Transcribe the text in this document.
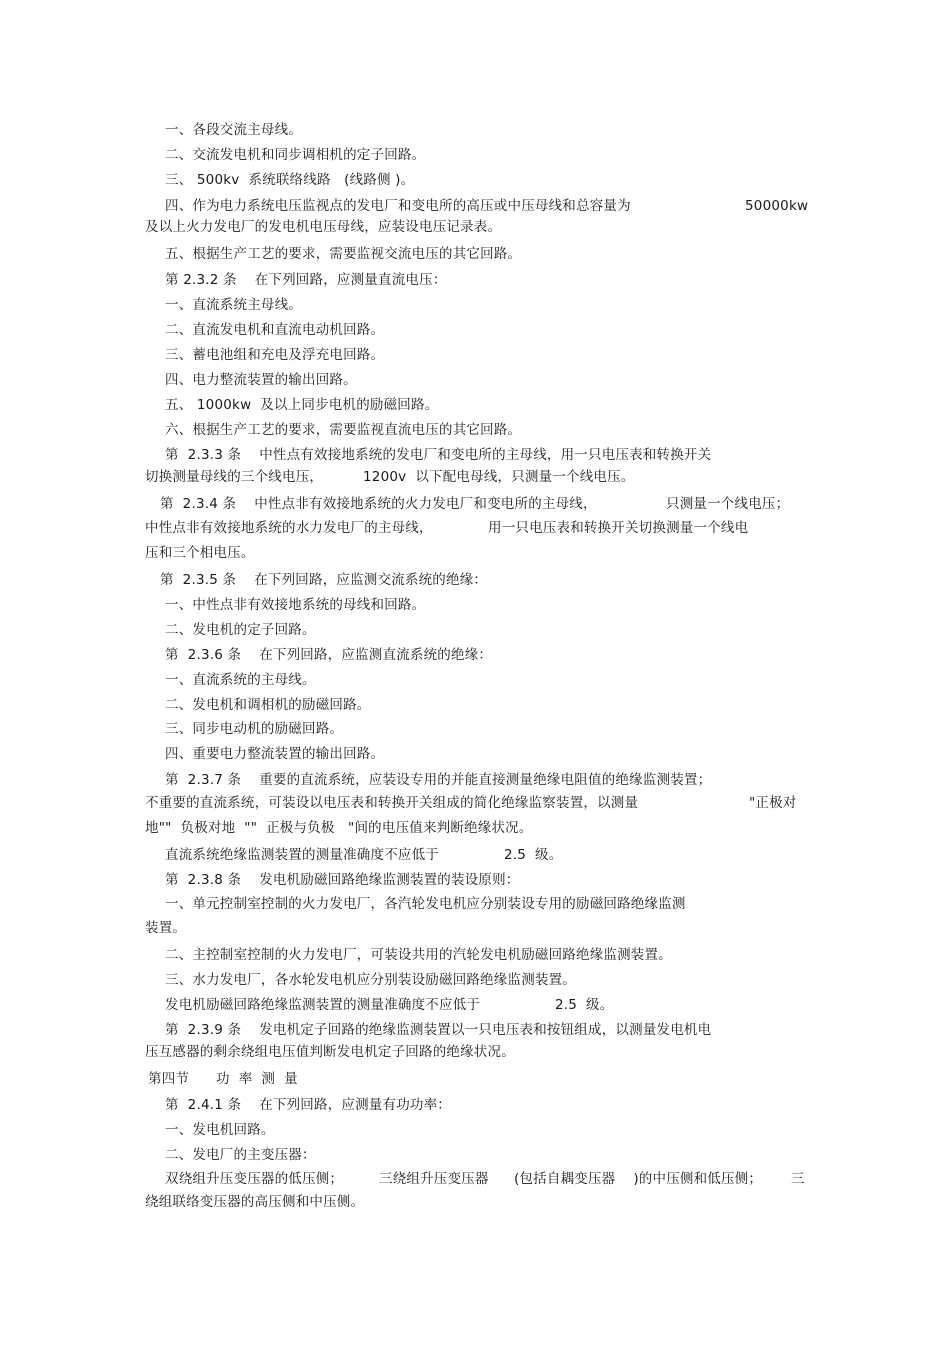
一、各段交流主母线。
二、交流发电机和同步调相机的定子回路。
三、 500kv  系统联络线路   (线路侧 )。
四、作为电力系统电压监视点的发电厂和变电所的高压或中压母线和总容量为	50000kw
及以上火力发电厂的发电机电压母线，应装设电压记录表。
五、根据生产工艺的要求，需要监视交流电压的其它回路。
第 2.3.2 条    在下列回路，应测量直流电压：
一、直流系统主母线。
二、直流发电机和直流电动机回路。
三、蓄电池组和充电及浮充电回路。
四、电力整流装置的输出回路。
五、 1000kw  及以上同步电机的励磁回路。
六、根据生产工艺的要求，需要监视直流电压的其它回路。
第  2.3.3 条    中性点有效接地系统的发电厂和变电所的主母线，用一只电压表和转换开关
切换测量母线的三个线电压，	1200v  以下配电母线，只测量一个线电压。
第  2.3.4 条    中性点非有效接地系统的火力发电厂和变电所的主母线，	只测量一个线电压；
中性点非有效接地系统的水力发电厂的主母线，	用一只电压表和转换开关切换测量一个线电
压和三个相电压。
第  2.3.5 条    在下列回路，应监测交流系统的绝缘：
一、中性点非有效接地系统的母线和回路。
二、发电机的定子回路。
第  2.3.6 条    在下列回路，应监测直流系统的绝缘：
一、直流系统的主母线。
二、发电机和调相机的励磁回路。
三、同步电动机的励磁回路。
四、重要电力整流装置的输出回路。
第  2.3.7 条    重要的直流系统，应装设专用的并能直接测量绝缘电阻值的绝缘监测装置；
不重要的直流系统，可装设以电压表和转换开关组成的简化绝缘监察装置，以测量	"正极对
地""  负极对地  ""  正极与负极   "间的电压值来判断绝缘状况。
直流系统绝缘监测装置的测量准确度不应低于	2.5  级。
第  2.3.8 条    发电机励磁回路绝缘监测装置的装设原则：
一、单元控制室控制的火力发电厂，各汽轮发电机应分别装设专用的励磁回路绝缘监测
装置。
二、主控制室控制的火力发电厂，可装设共用的汽轮发电机励磁回路绝缘监测装置。
三、水力发电厂，各水轮发电机应分别装设励磁回路绝缘监测装置。
发电机励磁回路绝缘监测装置的测量准确度不应低于	2.5  级。
第  2.3.9 条    发电机定子回路的绝缘监测装置以一只电压表和按钮组成，以测量发电机电
压互感器的剩余绕组电压值判断发电机定子回路的绝缘状况。
第四节      功  率  测  量
第  2.4.1 条    在下列回路，应测量有功功率：
一、发电机回路。
二、发电厂的主变压器：
双绕组升压变压器的低压侧；	三绕组升压变压器 (包括自耦变压器    )的中压侧和低压侧； 三
绕组联络变压器的高压侧和中压侧。
